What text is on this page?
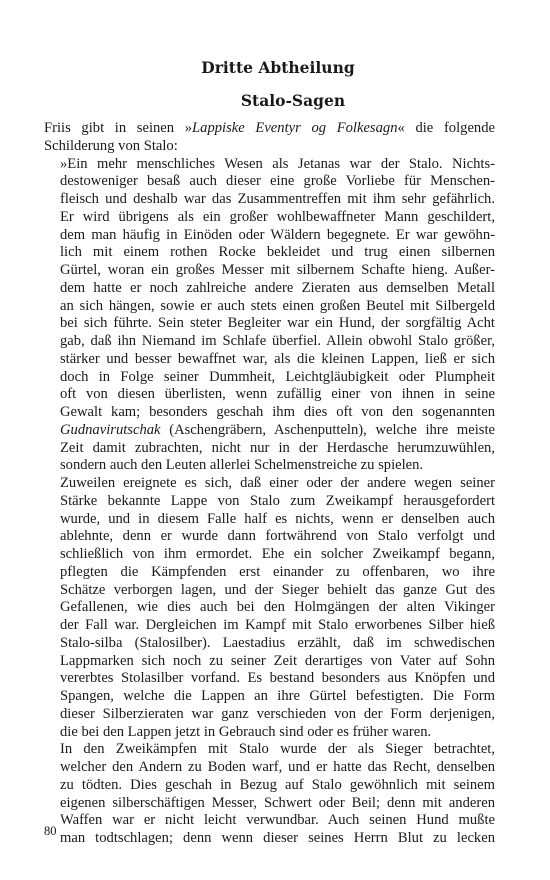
Dritte Abtheilung
Stalo-Sagen

Friis gibt in seinen »Lappiske Eventyr og Folkesagn« die folgende
Schilderung von Stalo:

»Ein mehr menschliches Wesen als Jetanas war der Stalo. Nichts-
destoweniger besaß auch dieser eine große Vorliebe für Menschen-
fleisch und deshalb war das Zusammentreffen mit ihm sehr gefährlich.
Er wird übrigens als ein großer wohlbewaffneter Mann geschildert,
dem man häufig in Einöden oder Wäldern begegnete. Er war gewöhn-
lich mit einem rothen Rocke bekleidet und trug einen silbernen
Gürtel, woran ein großes Messer mit silbernem Schafte hieng. Außer-
dem hatte er noch zahlreiche andere Zieraten aus demselben Metall
an sich hängen, sowie er auch stets einen großen Beutel mit Silbergeld
bei sich führte. Sein steter Begleiter war ein Hund, der sorgfältig Acht
gab, daß ihn Niemand im Schlafe überfiel. Allein obwohl Stalo größer,
stärker und besser bewaffnet war, als die kleinen Lappen, ließ er sich
doch in Folge seiner Dummheit, Leichtgläubigkeit oder Plumpheit
oft von diesen überlisten, wenn zufällig einer von ihnen in seine
Gewalt kam; besonders geschah ihm dies oft von den sogenannten
Gudnavirutschak (Aschengräbern, Aschenputteln), welche ihre meiste
Zeit damit zubrachten, nicht nur in der Herdasche herumzuwühlen,
sondern auch den Leuten allerlei Schelmenstreiche zu spielen.

Zuweilen ereignete es sich, daß einer oder der andere wegen seiner
Stärke bekannte Lappe von Stalo zum Zweikampf herausgefordert
wurde, und in diesem Falle half es nichts, wenn er denselben auch
ablehnte, denn er wurde dann fortwährend von Stalo verfolgt und
schließlich von ihm ermordet. Ehe ein solcher Zweikampf begann,
pflegten die Kämpfenden erst einander zu offenbaren, wo ihre
Schätze verborgen lagen, und der Sieger behielt das ganze Gut des
Gefallenen, wie dies auch bei den Holmgängen der alten Vikinger
der Fall war. Dergleichen im Kampf mit Stalo erworbenes Silber hieß
Stalo-silba (Stalosilber). Laestadius erzählt, daß im schwedischen
Lappmarken sich noch zu seiner Zeit derartiges von Vater auf Sohn
vererbtes Stolasilber vorfand. Es bestand besonders aus Knöpfen und
Spangen, welche die Lappen an ihre Gürtel befestigten. Die Form
dieser Silberzieraten war ganz verschieden von der Form derjenigen,
die bei den Lappen jetzt in Gebrauch sind oder es früher waren.

In den Zweikämpfen mit Stalo wurde der als Sieger betrachtet,
welcher den Andern zu Boden warf, und er hatte das Recht, denselben
zu tödten. Dies geschah in Bezug auf Stalo gewöhnlich mit seinem
eigenen silberschäftigen Messer, Schwert oder Beil; denn mit anderen
Waffen war er nicht leicht verwundbar. Auch seinen Hund mußte
man todtschlagen; denn wenn dieser seines Herrn Blut zu lecken

80
